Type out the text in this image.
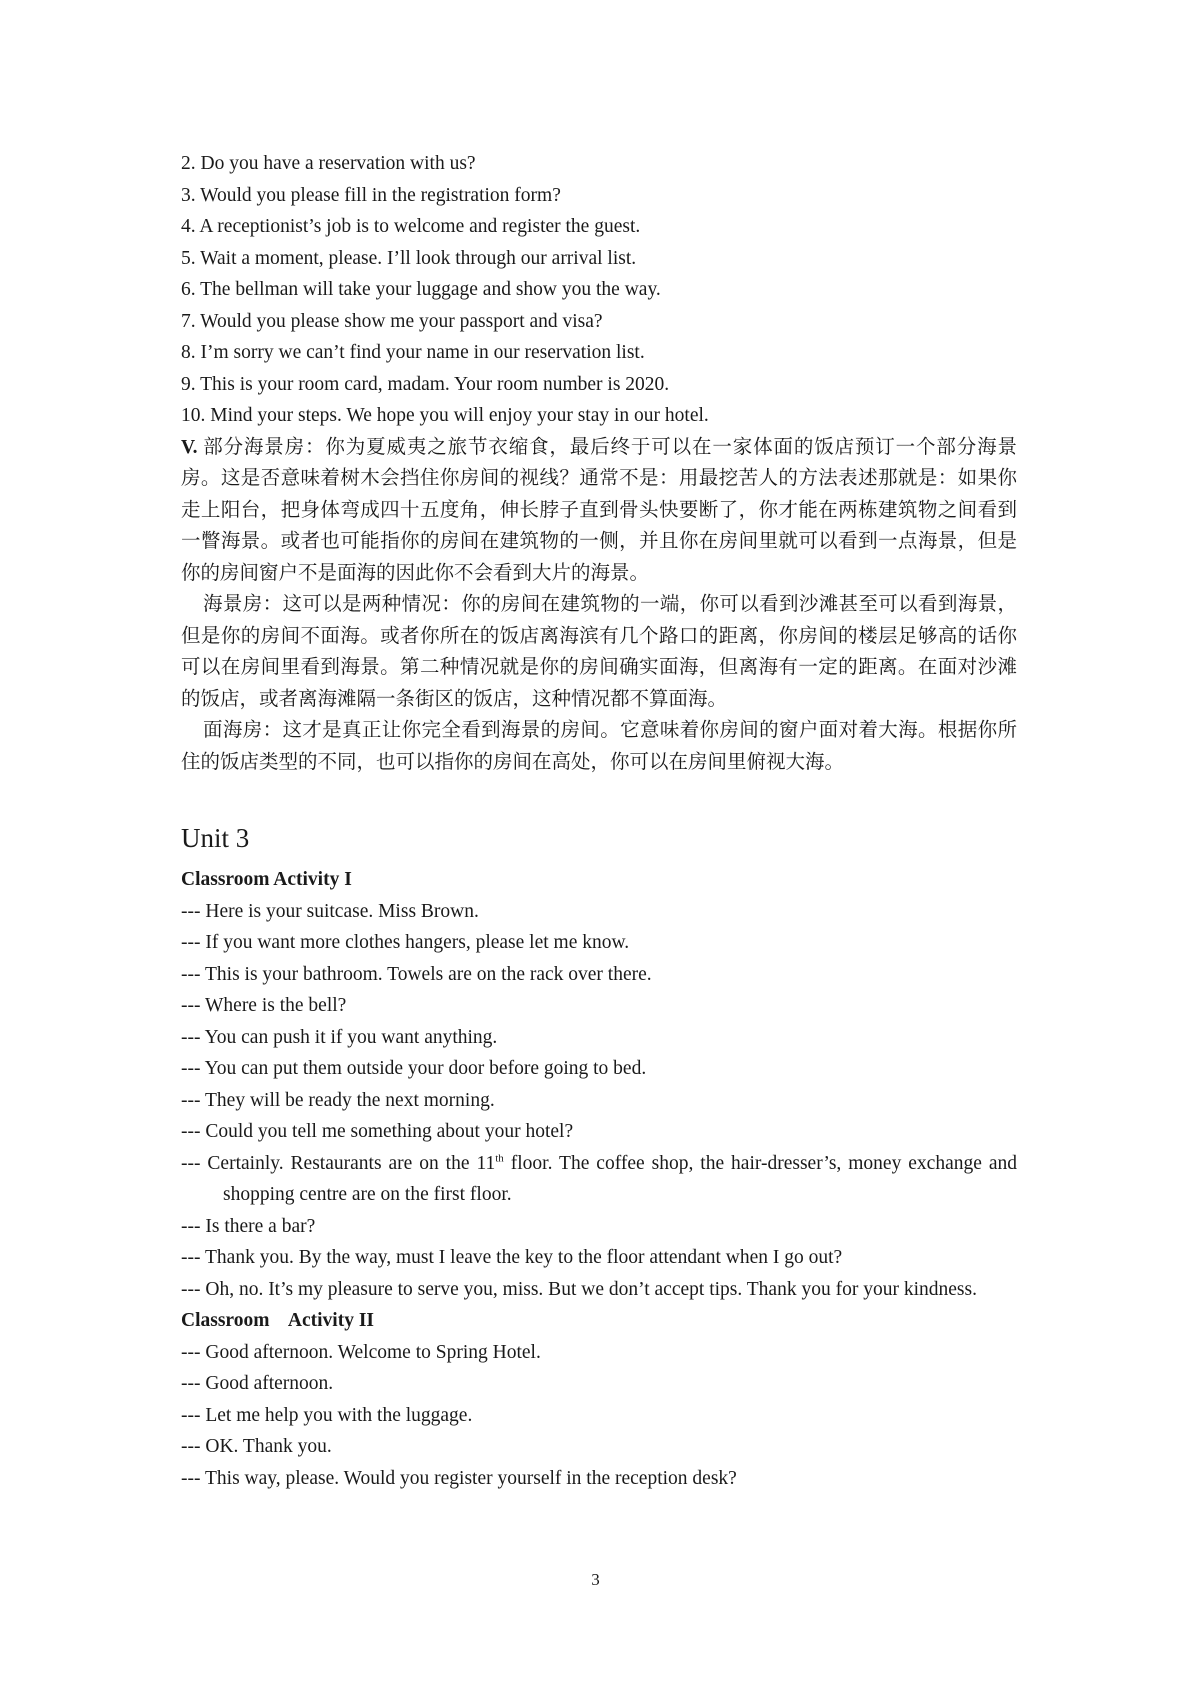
2. Do you have a reservation with us?
3. Would you please fill in the registration form?
4. A receptionist’s job is to welcome and register the guest.
5. Wait a moment, please. I’ll look through our arrival list.
6. The bellman will take your luggage and show you the way.
7. Would you please show me your passport and visa?
8. I’m sorry we can’t find your name in our reservation list.
9. This is your room card, madam. Your room number is 2020.
10. Mind your steps. We hope you will enjoy your stay in our hotel.

V. 部分海景房：你为夏威夷之旅节衣缩食，最后终于可以在一家体面的饭店预订一个部分海景房。这是否意味着树木会挡住你房间的视线？通常不是：用最挖苦人的方法表述那就是：如果你走上阳台，把身体弯成四十五度角，伸长脖子直到骨头快要断了，你才能在两栋建筑物之间看到一瞥海景。或者也可能指你的房间在建筑物的一侧，并且你在房间里就可以看到一点海景，但是你的房间窗户不是面海的因此你不会看到大片的海景。

海景房：这可以是两种情况：你的房间在建筑物的一端，你可以看到沙滩甚至可以看到海景，但是你的房间不面海。或者你所在的饭店离海滨有几个路口的距离，你房间的楼层足够高的话你可以在房间里看到海景。第二种情况就是你的房间确实面海，但离海有一定的距离。在面对沙滩的饭店，或者离海滩隔一条街区的饭店，这种情况都不算面海。

面海房：这才是真正让你完全看到海景的房间。它意味着你房间的窗户面对着大海。根据你所住的饭店类型的不同，也可以指你的房间在高处，你可以在房间里俯视大海。

Unit 3
Classroom Activity I
--- Here is your suitcase. Miss Brown.
--- If you want more clothes hangers, please let me know.
--- This is your bathroom. Towels are on the rack over there.
--- Where is the bell?
--- You can push it if you want anything.
--- You can put them outside your door before going to bed.
--- They will be ready the next morning.
--- Could you tell me something about your hotel?
--- Certainly. Restaurants are on the 11th floor. The coffee shop, the hair-dresser’s, money exchange and shopping centre are on the first floor.
--- Is there a bar?
--- Thank you. By the way, must I leave the key to the floor attendant when I go out?
--- Oh, no. It’s my pleasure to serve you, miss. But we don’t accept tips. Thank you for your kindness.
Classroom    Activity II
--- Good afternoon. Welcome to Spring Hotel.
--- Good afternoon.
--- Let me help you with the luggage.
--- OK. Thank you.
--- This way, please. Would you register yourself in the reception desk?
3
